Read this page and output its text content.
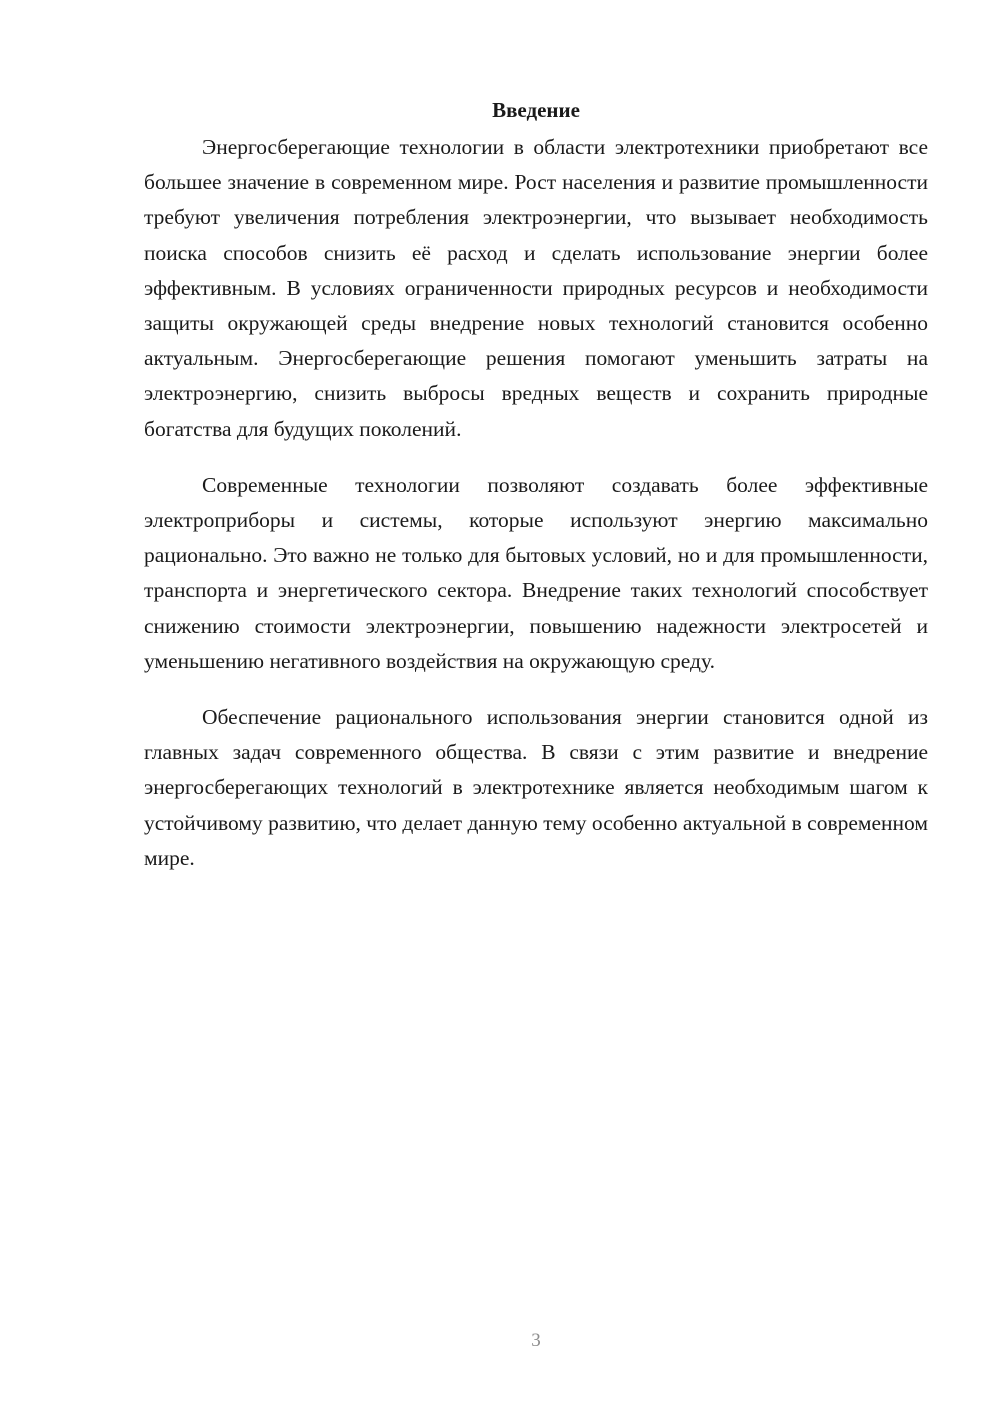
Введение

Энергосберегающие технологии в области электротехники приобретают все большее значение в современном мире. Рост населения и развитие промышленности требуют увеличения потребления электроэнергии, что вызывает необходимость поиска способов снизить её расход и сделать использование энергии более эффективным. В условиях ограниченности природных ресурсов и необходимости защиты окружающей среды внедрение новых технологий становится особенно актуальным. Энергосберегающие решения помогают уменьшить затраты на электроэнергию, снизить выбросы вредных веществ и сохранить природные богатства для будущих поколений.

Современные технологии позволяют создавать более эффективные электроприборы и системы, которые используют энергию максимально рационально. Это важно не только для бытовых условий, но и для промышленности, транспорта и энергетического сектора. Внедрение таких технологий способствует снижению стоимости электроэнергии, повышению надежности электросетей и уменьшению негативного воздействия на окружающую среду.

Обеспечение рационального использования энергии становится одной из главных задач современного общества. В связи с этим развитие и внедрение энергосберегающих технологий в электротехнике является необходимым шагом к устойчивому развитию, что делает данную тему особенно актуальной в современном мире.

3
